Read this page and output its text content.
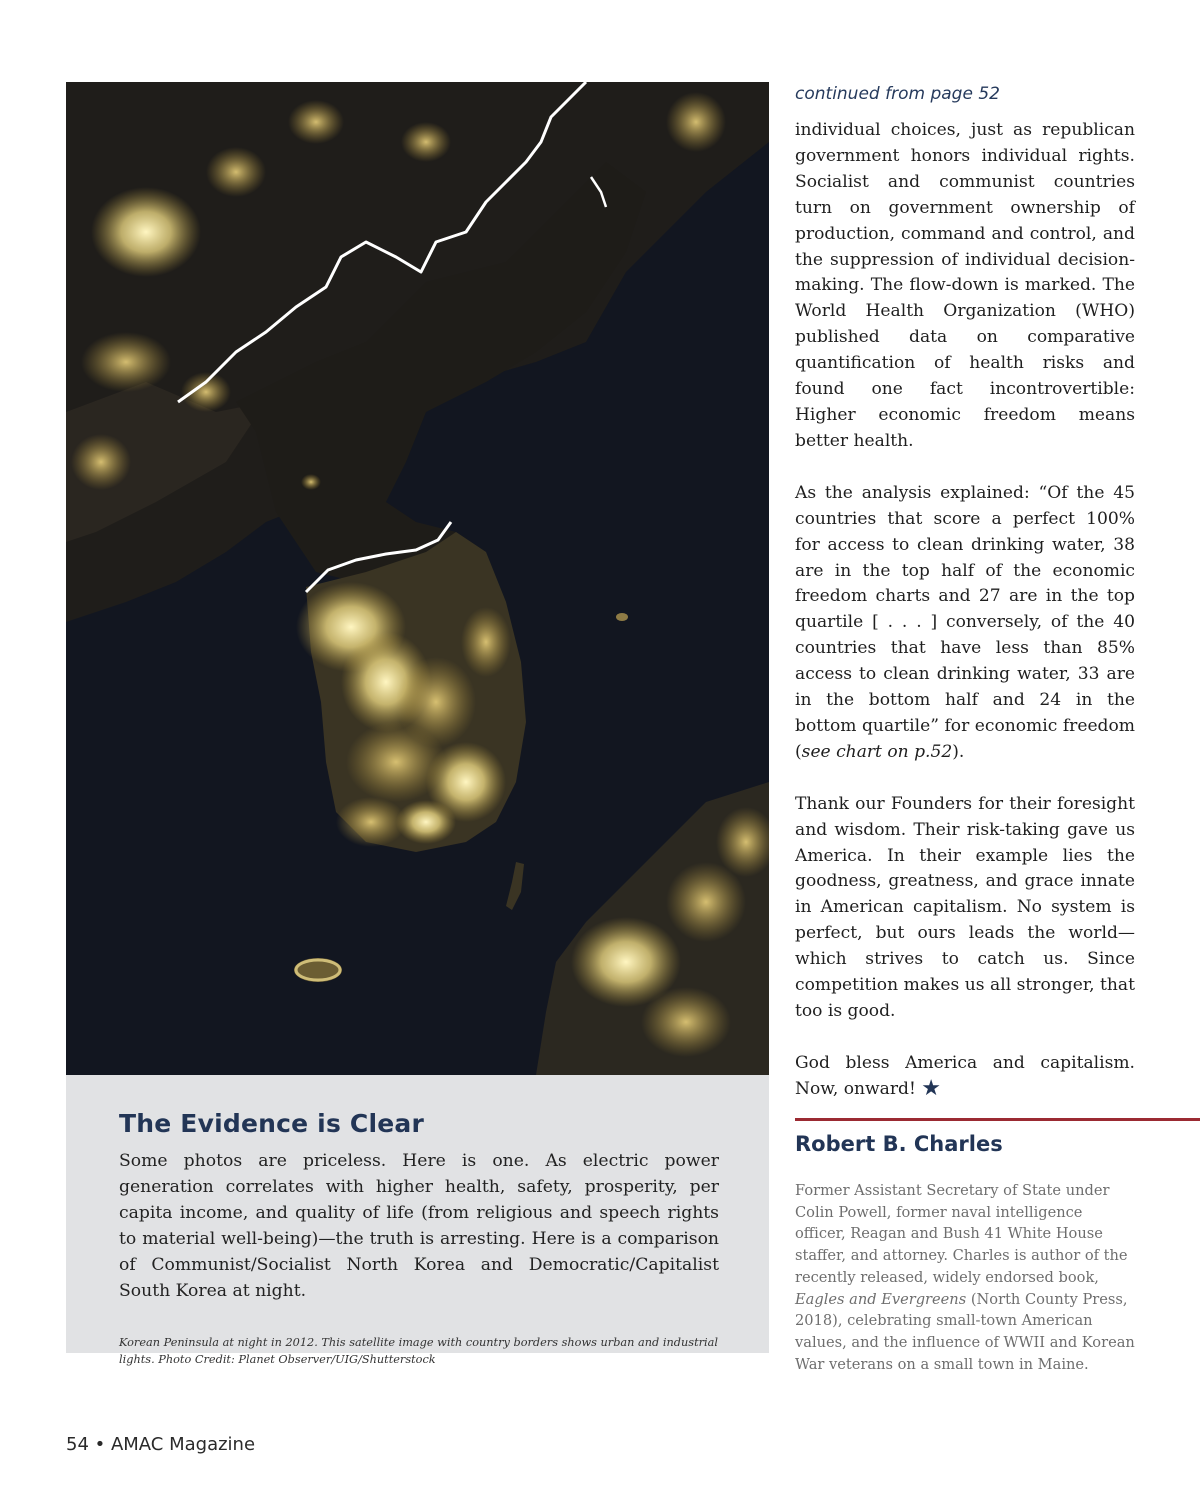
The Evidence is Clear

Some photos are priceless. Here is one. As electric power generation correlates with higher health, safety, prosperity, per capita income, and quality of life (from religious and speech rights to material well-being)—the truth is arresting. Here is a comparison of Communist/Socialist North Korea and Democratic/Capitalist South Korea at night.

Korean Peninsula at night in 2012. This satellite image with country borders shows urban and industrial lights. Photo Credit: Planet Observer/UIG/Shutterstock

continued from page 52

individual choices, just as republican government honors individual rights. Socialist and communist countries turn on government ownership of production, command and control, and the suppression of individual decision-making. The flow-down is marked. The World Health Organization (WHO) published data on comparative quantification of health risks and found one fact incontrovertible: Higher economic freedom means better health.

As the analysis explained: “Of the 45 countries that score a perfect 100% for access to clean drinking water, 38 are in the top half of the economic freedom charts and 27 are in the top quartile [ . . . ] conversely, of the 40 countries that have less than 85% access to clean drinking water, 33 are in the bottom half and 24 in the bottom quartile” for economic freedom (see chart on p.52).

Thank our Founders for their foresight and wisdom. Their risk-taking gave us America. In their example lies the goodness, greatness, and grace innate in American capitalism. No system is perfect, but ours leads the world—which strives to catch us. Since competition makes us all stronger, that too is good.

God bless America and capitalism. Now, onward! ★

Robert B. Charles

Former Assistant Secretary of State under Colin Powell, former naval intelligence officer, Reagan and Bush 41 White House staffer, and attorney. Charles is author of the recently released, widely endorsed book, Eagles and Evergreens (North County Press, 2018), celebrating small-town American values, and the influence of WWII and Korean War veterans on a small town in Maine.

54 • AMAC Magazine
